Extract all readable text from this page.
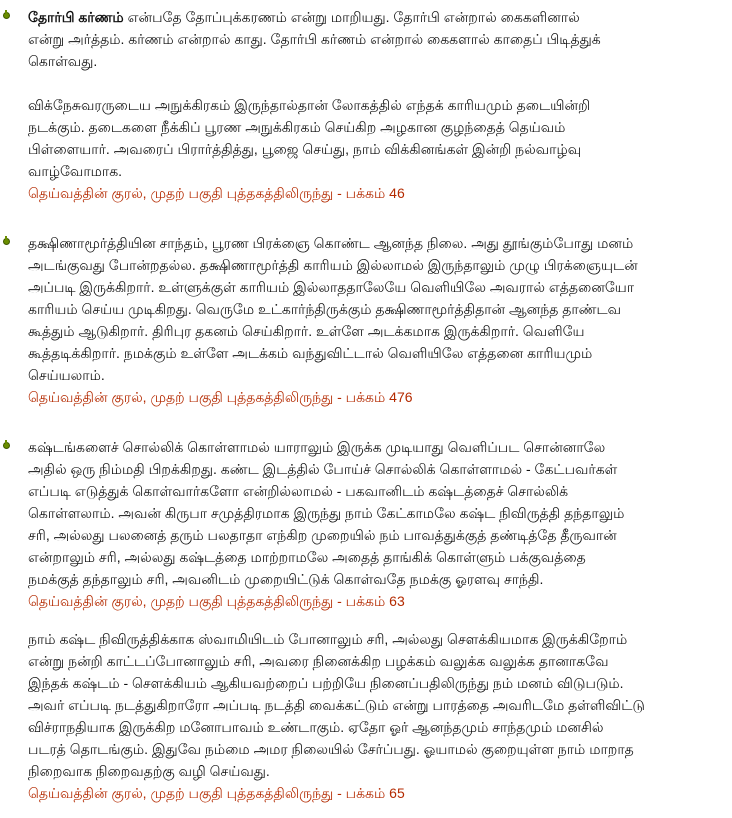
தோர்பி கர்ணம் என்பதே தோப்புக்கரணம் என்று மாறியது. தோர்பி என்றால் கைகளினால்
என்று அர்த்தம். கர்ணம் என்றால் காது. தோர்பி கர்ணம் என்றால் கைகளால் காதைப் பிடித்துக்
கொள்வது.
விக்நேசுவரருடைய அநுக்கிரகம் இருந்தால்தான் லோகத்தில் எந்தக் காரியமும் தடையின்றி
நடக்கும். தடைகளை நீக்கிப் பூரண அநுக்கிரகம் செய்கிற அழகான குழந்தைத் தெய்வம்
பிள்ளையார். அவரைப் பிரார்த்தித்து, பூஜை செய்து, நாம் விக்கினங்கள் இன்றி நல்வாழ்வு
வாழ்வோமாக.
தெய்வத்தின் குரல், முதற் பகுதி புத்தகத்திலிருந்து - பக்கம் 46
தக்ஷிணாமூர்த்தியின சாந்தம், பூரண பிரக்ஞை கொண்ட ஆனந்த நிலை. அது தூங்கும்போது மனம்
அடங்குவது போன்றதல்ல. தக்ஷிணாமூர்த்தி காரியம் இல்லாமல் இருந்தாலும் முழு பிரக்ஞையுடன்
அப்படி இருக்கிறார். உள்ளுக்குள் காரியம் இல்லாததாலேயே வெளியிலே அவரால் எத்தனையோ
காரியம் செய்ய முடிகிறது. வெருமே உட்கார்ந்திருக்கும் தக்ஷிணாமூர்த்திதான் ஆனந்த தாண்டவ
கூத்தும் ஆடுகிறார். திரிபுர தகனம் செய்கிறார். உள்ளே அடக்கமாக இருக்கிறார். வெளியே
கூத்தடிக்கிறார். நமக்கும் உள்ளே அடக்கம் வந்துவிட்டால் வெளியிலே எத்தனை காரியமும்
செய்யலாம்.
தெய்வத்தின் குரல், முதற் பகுதி புத்தகத்திலிருந்து - பக்கம் 476
கஷ்டங்களைச் சொல்லிக் கொள்ளாமல் யாராலும் இருக்க முடியாது வெளிப்பட சொன்னாலே
அதில் ஒரு நிம்மதி பிறக்கிறது. கண்ட இடத்தில் போய்ச் சொல்லிக் கொள்ளாமல் - கேட்பவர்கள்
எப்படி எடுத்துக் கொள்வார்களோ என்றில்லாமல் - பகவானிடம் கஷ்டத்தைச் சொல்லிக்
கொள்ளலாம். அவன் கிருபா சமுத்திரமாக இருந்து நாம் கேட்காமலே கஷ்ட நிவிருத்தி தந்தாலும்
சரி, அல்லது பலனைத் தரும் பலதாதா எந்கிற முறையில் நம் பாவத்துக்குத் தண்டித்தே தீருவான்
என்றாலும் சரி, அல்லது கஷ்டத்தை மாற்றாமலே அதைத் தாங்கிக் கொள்ளும் பக்குவத்தை
நமக்குத் தந்தாலும் சரி, அவனிடம் முறையிட்டுக் கொள்வதே நமக்கு ஓரளவு சாந்தி.
தெய்வத்தின் குரல், முதற் பகுதி புத்தகத்திலிருந்து - பக்கம் 63
நாம் கஷ்ட நிவிருத்திக்காக ஸ்வாமியிடம் போனாலும் சரி, அல்லது சௌக்கியமாக இருக்கிறோம்
என்று நன்றி காட்டப்போனாலும் சரி, அவரை நினைக்கிற பழக்கம் வலுக்க வலுக்க தானாகவே
இந்தக் கஷ்டம் - சௌக்கியம் ஆகியவற்றைப் பற்றியே நினைப்பதிலிருந்து நம் மனம் விடுபடும்.
அவர் எப்படி நடத்துகிறாரோ அப்படி நடத்தி வைக்கட்டும் என்று பாரத்தை அவரிடமே தள்ளிவிட்டு
விச்ராநதியாக இருக்கிற மனோபாவம் உண்டாகும். ஏதோ ஓர் ஆனந்தமும் சாந்தமும் மனசில்
படரத் தொடங்கும். இதுவே நம்மை அமர நிலையில் சேர்ப்பது. ஓயாமல் குறையுள்ள நாம் மாறாத
நிறைவாக நிறைவதற்கு வழி செய்வது.
தெய்வத்தின் குரல், முதற் பகுதி புத்தகத்திலிருந்து - பக்கம் 65
